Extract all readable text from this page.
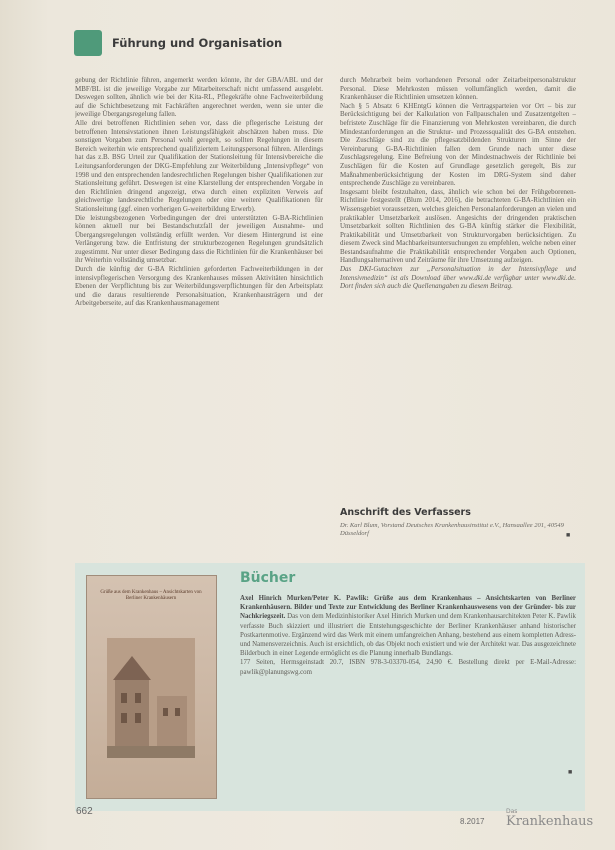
Führung und Organisation

gebung der Richtlinie führen, angemerkt werden könnte, ihr der GBA/ABL und der MBF/BL ist die jeweilige Vorgabe zur Mitarbeiterschaft nicht umfassend ausgelebt. Deswegen sollten, ähnlich wie bei der Kita-RL, Pflegekräfte ohne Fachweiterbildung auf die Schichtbesetzung mit Fachkräften angerechnet werden, wenn sie unter die jeweilige Übergangsregelung fallen.

Alle drei betroffenen Richtlinien sehen vor, dass die pflegerische Leistung der betroffenen Intensivstationen ihnen Leistungsfähigkeit abschätzen haben muss. Die sonstigen Vorgaben zum Personal wohl geregelt, so sollten Regelungen in diesem Bereich weiterhin wie entsprechend qualifiziertem Leitungspersonal führen. Allerdings hat das z.B. BSG Urteil zur Qualifikation der Stationsleitung für Intensivbereiche die Leitungsanforderungen der DKG-Empfehlung zur Weiterbildung „Intensivpflege“ von 1998 und den entsprechenden landesrechtlichen Regelungen bisher Qualifikationen zur Stationsleitung geführt. Deswegen ist eine Klarstellung der entsprechenden Vorgabe in den Richtlinien dringend angezeigt, etwa durch einen expliziten Verweis auf gleichwertige landesrechtliche Regelungen oder eine weitere Qualifikationen für Stationsleitung (ggf. einen vorherigen G-weiterbildung Erwerb).

Die leistungsbezogenen Vorbedingungen der drei unterstützten G-BA-Richtlinien können aktuell nur bei Bestandschutzfall der jeweiligen Ausnahme- und Übergangsregelungen vollständig erfüllt werden. Vor diesem Hintergrund ist eine Verlängerung bzw. die Entfristung der strukturbezogenen Regelungen grundsätzlich zugestimmt. Nur unter dieser Bedingung dass die Richtlinien für die Krankenhäuser bei ihr Weiterhin vollständig umsetzbar.

Durch die künftig der G-BA Richtlinien geforderten Fachweiterbildungen in der intensivpflegerischen Versorgung des Krankenhauses müssen Aktivitäten hinsichtlich Ebenen der Verpflichtung bis zur Weiterbildungsverpflichtungen für den Arbeitsplatz und die daraus resultierende Personalsituation, Krankenhausträgern und der Arbeitgeberseite, auf das Krankenhausmanagement

durch Mehrarbeit beim vorhandenen Personal oder Zeitarbeitpersonalstruktur Personal. Diese Mehrkosten müssen vollumfänglich werden, damit die Krankenhäuser die Richtlinien umsetzen können.

Nach § 5 Absatz 6 KHEntgG können die Vertragsparteien vor Ort – bis zur Berücksichtigung bei der Kalkulation von Fallpauschalen und Zusatzentgelten – befristete Zuschläge für die Finanzierung von Mehrkosten vereinbaren, die durch Mindestanforderungen an die Struktur- und Prozessqualität des G-BA entstehen. Die Zuschläge sind zu die pflegesatzbildenden Strukturen im Sinne der Vereinbarung G-BA-Richtlinien fallen dem Grunde nach unter diese Zuschlagsregelung. Eine Befreiung von der Mindestnachweis der Richtlinie bei Zuschlägen für die Kosten auf Grundlage gesetzlich geregelt, Bis zur Maßnahmenberücksichtigung der Kosten im DRG-System sind daher entsprechende Zuschläge zu vereinbaren.

Insgesamt bleibt festzuhalten, dass, ähnlich wie schon bei der Frühgeborenen-Richtlinie festgestellt (Blum 2014, 2016), die betrachteten G-BA-Richtlinien ein Wissensgebiet voraussetzen, welches gleichen Personalanforderungen an vielen und praktikabler Umsetzbarkeit auslösen. Angesichts der dringenden praktischen Umsetzbarkeit sollten Richtlinien des G-BA künftig stärker die Flexibilität, Praktikabilität und Umsetzbarkeit von Strukturvorgaben berücksichtigen. Zu diesem Zweck sind Machbarkeitsuntersuchungen zu empfehlen, welche neben einer Bestandsaufnahme die Praktikabilität entsprechender Vorgaben auch Optionen, Handlungsalternativen und Zeiträume für ihre Umsetzung aufzeigen.

Das DKI-Gutachten zur „Personalsituation in der Intensivpflege und Intensivmedizin“ ist als Download über www.dki.de verfügbar unter www.dki.de. Dort finden sich auch die Quellenangaben zu diesem Beitrag.

Anschrift des Verfassers
Dr. Karl Blum, Vorstand Deutsches Krankenhausinstitut e.V., Hansaallee 201, 40549 Düsseldorf	■
Grüße aus dem Krankenhaus – Ansichtskarten von Berliner Krankenhäusern
Bücher
Axel Hinrich Murken/Peter K. Pawlik: Grüße aus dem Krankenhaus – Ansichtskarten von Berliner Krankenhäusern. Bilder und Texte zur Entwicklung des Berliner Krankenhauswesens von der Gründer- bis zur Nachkriegszeit. Das von dem Medizinhistoriker Axel Hinrich Murken und dem Krankenhausarchitekten Peter K. Pawlik verfasste Buch skizziert und illustriert die Entstehungsgeschichte der Berliner Krankenhäuser anhand historischer Postkartenmotive. Ergänzend wird das Werk mit einem umfangreichen Anhang, bestehend aus einem kompletten Adress- und Namensverzeichnis. Auch ist ersichtlich, ob das Objekt noch existiert und wie der Architekt war. Das ausgezeichnete Bilderbuch in einer Legende ermöglicht es die Planung innerhalb Bundlangs.
177 Seiten, Hermsgeinstadt 20.7, ISBN 978-3-03370-054, 24,90 €. Bestellung direkt per E-Mail-Adresse: pawlik@planungswg.com
■
662
8.2017
Das
Krankenhaus
